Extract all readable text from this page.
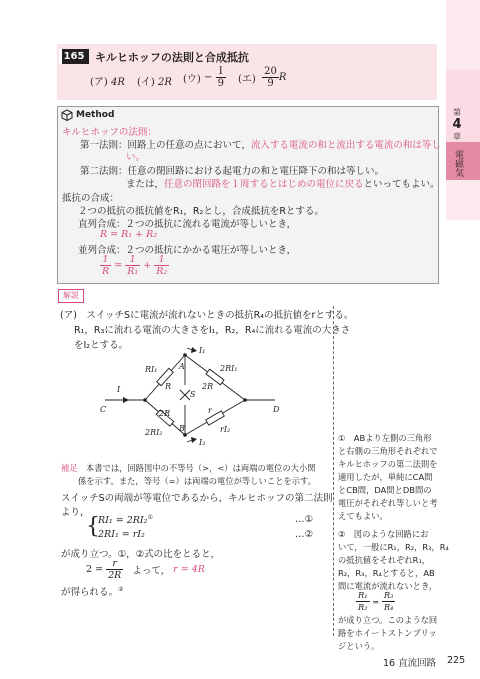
165 キルヒホッフの法則と合成抵抗
(ア) 4R (イ) 2R (ウ) − $\frac{I}{9}$ (エ) $\frac{20}{9}$ R
Method
キルヒホッフの法則：
第一法則：回路上の任意の点において，流入する電流の和と流出する電流の和は等し
い。
第二法則：任意の閉回路における起電力の和と電圧降下の和は等しい。
または，任意の閉回路を１周するとはじめの電位に戻るといってもよい。
抵抗の合成：
２つの抵抗の抵抗値をR₁，R₂とし，合成抵抗をRとする。
直列合成：２つの抵抗に流れる電流が等しいとき，
R = R₁ + R₂
並列合成：２つの抵抗にかかる電圧が等しいとき，
$\frac{1}{R} = \frac{1}{\text{R₁}} + \frac{1}{\text{R₂}}$
第
4
章
電磁気
解説
(ア)　スイッチSに電流が流れないときの抵抗R₄の抵抗値をrとする。
R₁，R₃に流れる電流の大きさをI₁，R₂，R₄に流れる電流の大きさ
をI₂とする。
C	D
A
B
I
I₁
I₂
RI₁
R
2RI₁
2R
2R
2RI₂
r
rI₂
S
補足　 本書では，回路図中の不等号（>，<）は両端の電位の大小関
係を示す。また，等号（=）は両端の電位が等しいことを示す。
スイッチSの両端が等電位であるから，キルヒホッフの第二法則
より，
{
RI₁ = 2RI₂①	…①
2RI₁ = rI₂	…②
が成り立つ。①，②式の比をとると，
$2 = \frac{r}{2R}$ よって， r = 4R
が得られる。②
①　 ABより左側の三角形
と右側の三角形それぞれで
キルヒホッフの第二法則を
適用したが，単純にCA間
とCB間，DA間とDB間の
電圧がそれぞれ等しいと考
えてもよい。
②　 図のような回路にお
いて，一般にR₁，R₂，R₃，R₄
の抵抗値をそれぞれR₁，
R₂，R₃，R₄とすると，AB
間に電流が流れないとき，
$\frac{\text{R₁}}{\text{R₂}} = \frac{\text{R₃}}{\text{R₄}}$
が成り立つ。このような回
路をホイートストンブリッ
ジという。
16 直流回路 225
